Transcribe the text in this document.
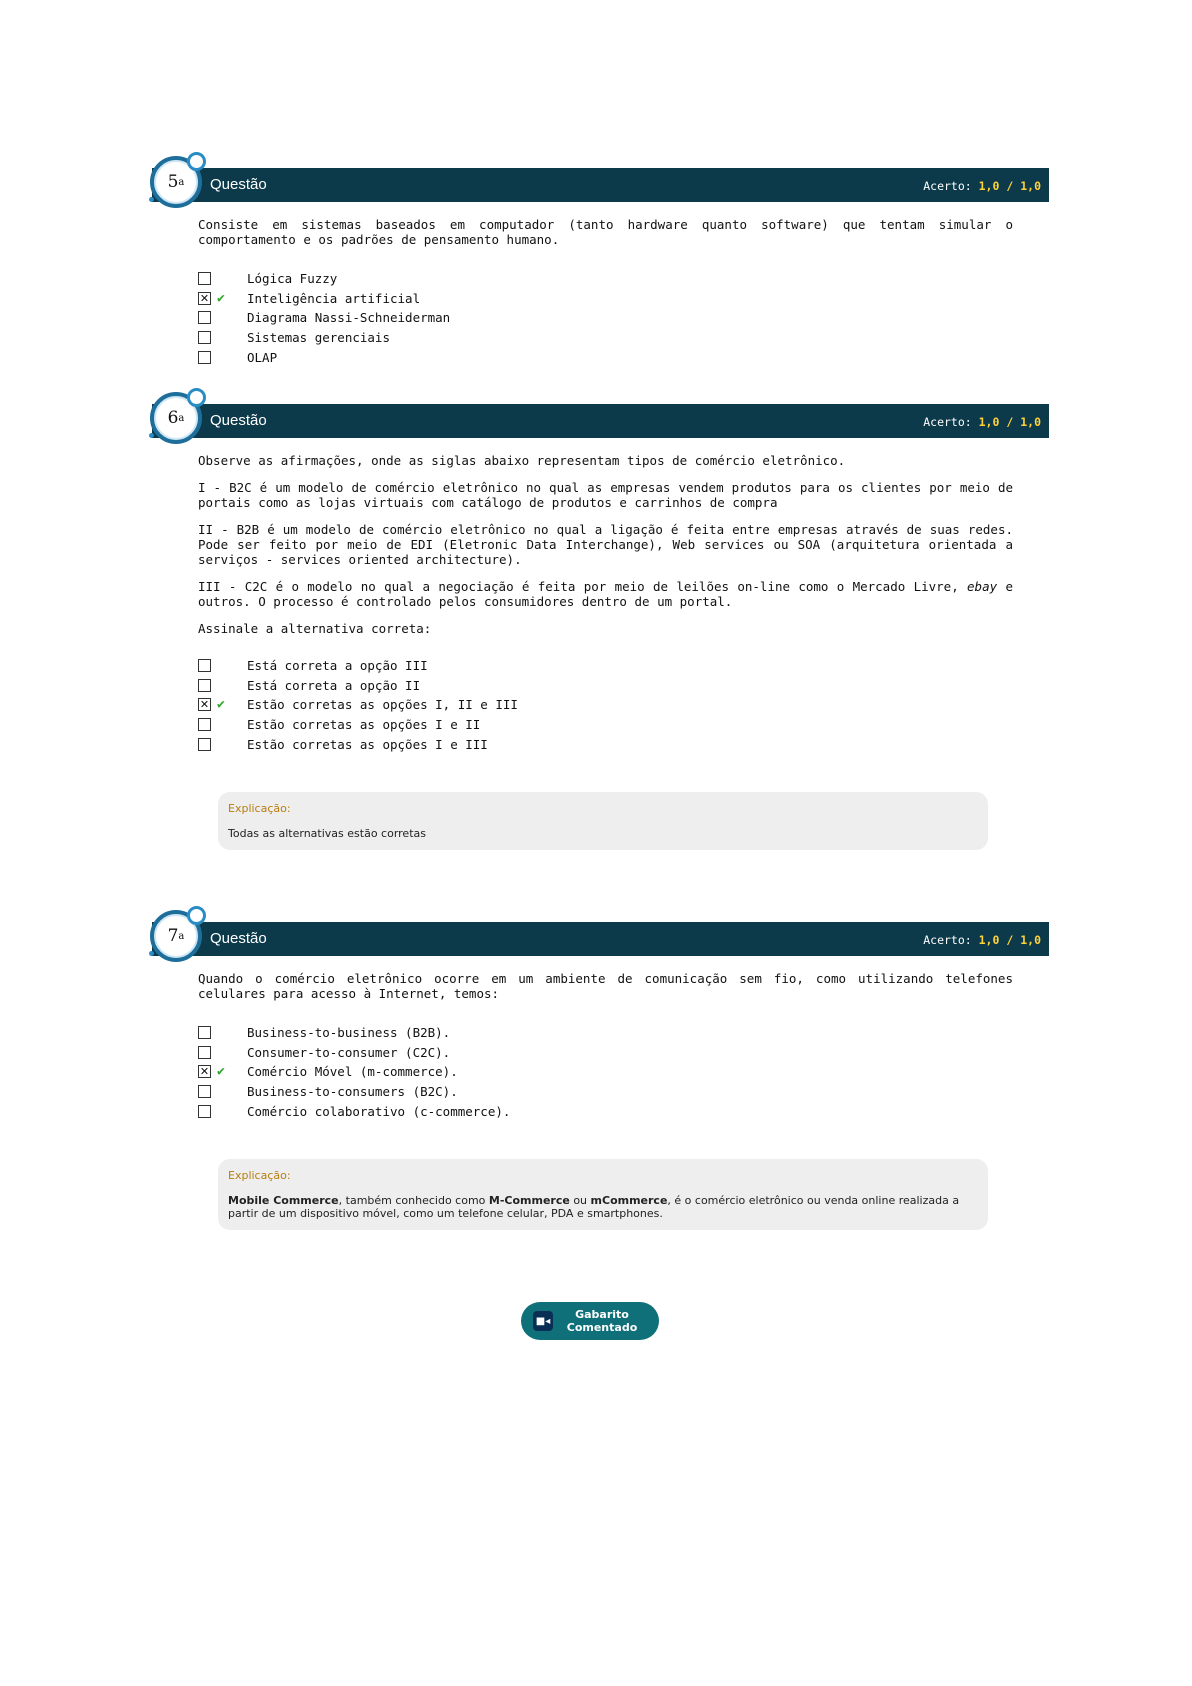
5 a Questão	Acerto: 1,0 / 1,0

Consiste em sistemas baseados em computador (tanto hardware quanto software) que tentam simular o comportamento e os padrões de pensamento humano.

Lógica Fuzzy
✕ ✔	Inteligência artificial
Diagrama Nassi-Schneiderman
Sistemas gerenciais
OLAP
6 a Questão	Acerto: 1,0 / 1,0

Observe as afirmações, onde as siglas abaixo representam tipos de comércio eletrônico.

I - B2C é um modelo de comércio eletrônico no qual as empresas vendem produtos para os clientes por meio de portais como as lojas virtuais com catálogo de produtos e carrinhos de compra

II - B2B é um modelo de comércio eletrônico no qual a ligação é feita entre empresas através de suas redes. Pode ser feito por meio de EDI (Eletronic Data Interchange), Web services ou SOA (arquitetura orientada a serviços - services oriented architecture).

III - C2C é o modelo no qual a negociação é feita por meio de leilões on-line como o Mercado Livre, ebay e outros. O processo é controlado pelos consumidores dentro de um portal.

Assinale a alternativa correta:

Está correta a opção III
Está correta a opção II
✕ ✔	Estão corretas as opções I, II e III
Estão corretas as opções I e II
Estão corretas as opções I e III
Explicação:
Todas as alternativas estão corretas
7 a Questão	Acerto: 1,0 / 1,0

Quando o comércio eletrônico ocorre em um ambiente de comunicação sem fio, como utilizando telefones celulares para acesso à Internet, temos:

Business-to-business (B2B).
Consumer-to-consumer (C2C).
✕ ✔	Comércio Móvel (m-commerce).
Business-to-consumers (B2C).
Comércio colaborativo (c-commerce).
Explicação:
Mobile Commerce, também conhecido como M-Commerce ou mCommerce, é o comércio eletrônico ou venda online realizada a partir de um dispositivo móvel, como um telefone celular, PDA e smartphones.
■◂	Gabarito
Comentado
